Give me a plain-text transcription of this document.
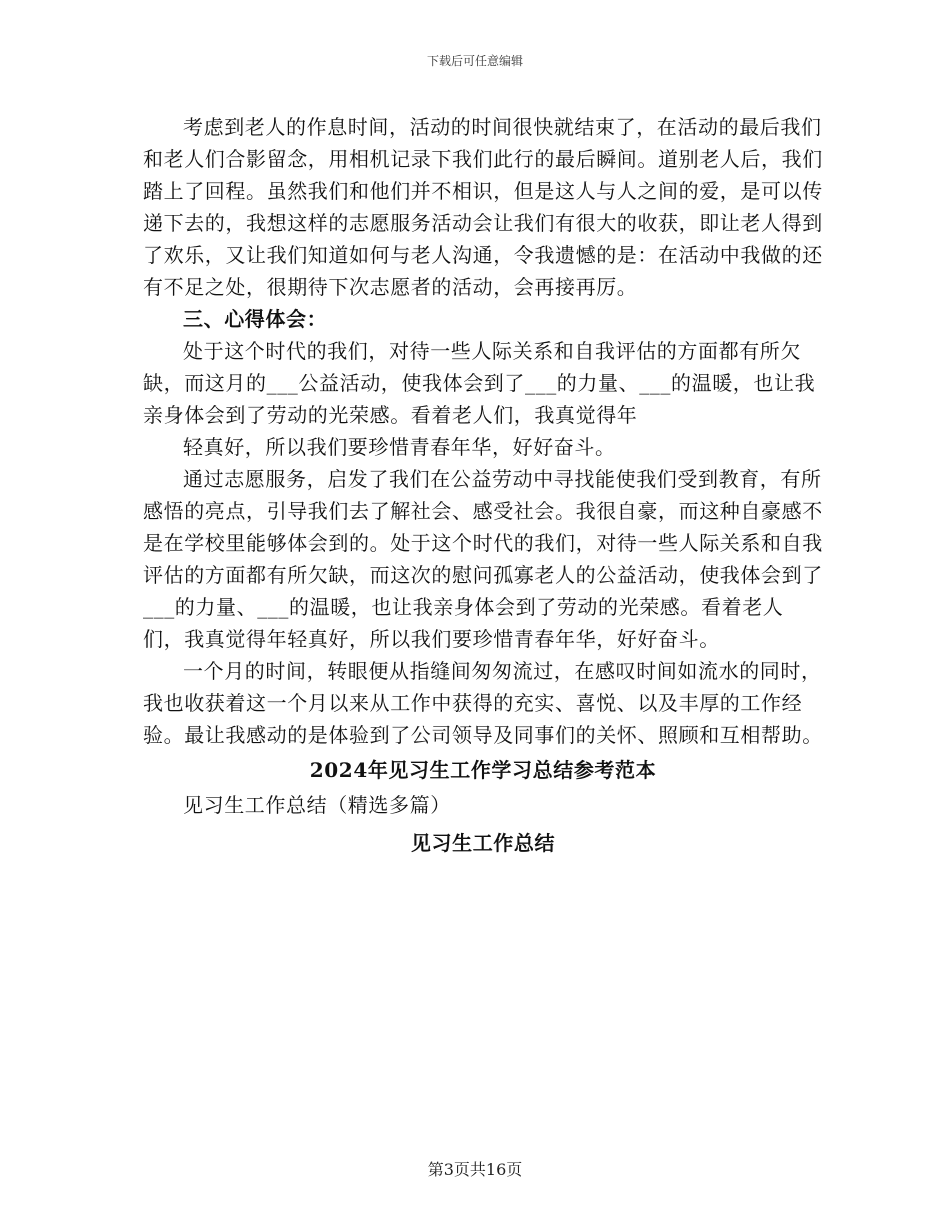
下载后可任意编辑

考虑到老人的作息时间，活动的时间很快就结束了，在活动的最后我们和老人们合影留念，用相机记录下我们此行的最后瞬间。道别老人后，我们踏上了回程。虽然我们和他们并不相识，但是这人与人之间的爱，是可以传递下去的，我想这样的志愿服务活动会让我们有很大的收获，即让老人得到了欢乐，又让我们知道如何与老人沟通，令我遗憾的是：在活动中我做的还有不足之处，很期待下次志愿者的活动，会再接再厉。

三、心得体会：

处于这个时代的我们，对待一些人际关系和自我评估的方面都有所欠缺，而这月的___公益活动，使我体会到了___的力量、___的温暖，也让我亲身体会到了劳动的光荣感。看着老人们，我真觉得年

轻真好，所以我们要珍惜青春年华，好好奋斗。

通过志愿服务，启发了我们在公益劳动中寻找能使我们受到教育，有所感悟的亮点，引导我们去了解社会、感受社会。我很自豪，而这种自豪感不是在学校里能够体会到的。处于这个时代的我们，对待一些人际关系和自我评估的方面都有所欠缺，而这次的慰问孤寡老人的公益活动，使我体会到了___的力量、___的温暖，也让我亲身体会到了劳动的光荣感。看着老人们，我真觉得年轻真好，所以我们要珍惜青春年华，好好奋斗。

一个月的时间，转眼便从指缝间匆匆流过，在感叹时间如流水的同时，我也收获着这一个月以来从工作中获得的充实、喜悦、以及丰厚的工作经验。最让我感动的是体验到了公司领导及同事们的关怀、照顾和互相帮助。

2024年见习生工作学习总结参考范本

见习生工作总结（精选多篇）

见习生工作总结

第3页共16页
